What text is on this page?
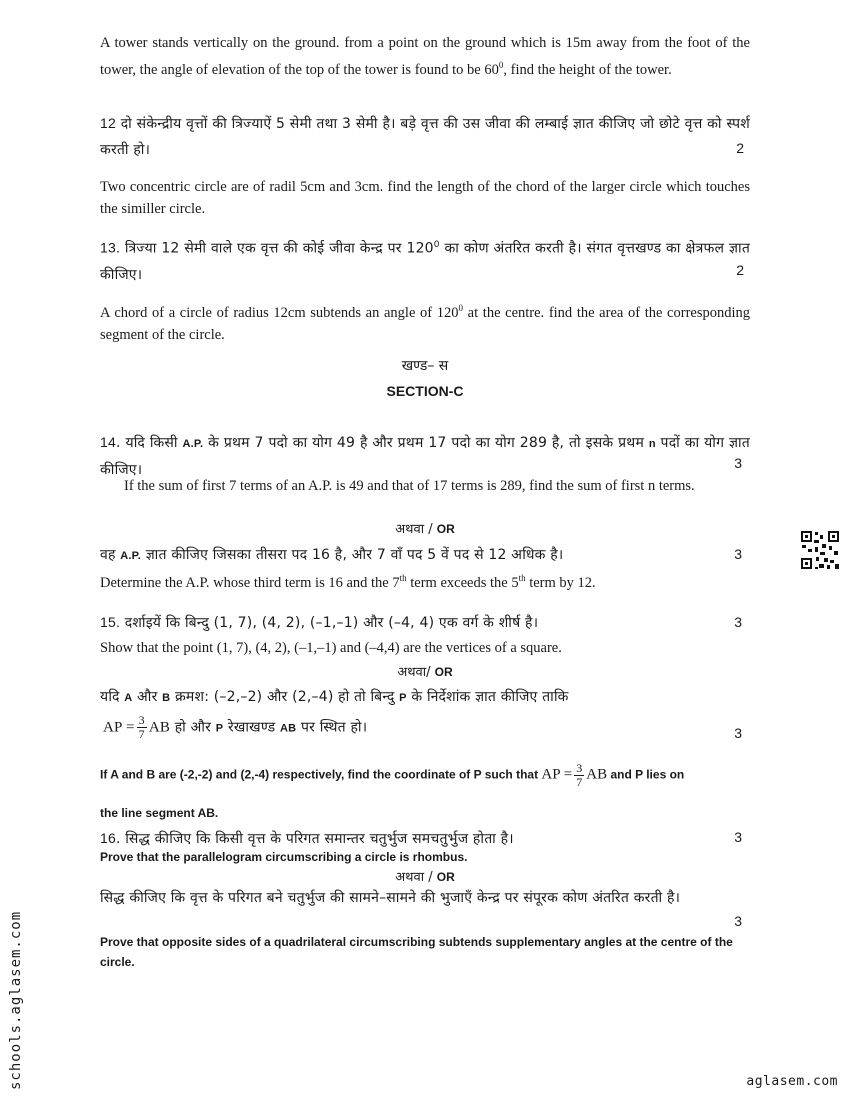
A tower stands vertically on the ground. from a point on the ground which is 15m away from the foot of the tower, the angle of elevation of the top of the tower is found to be $60^0$, find the height of the tower.
12 दो संकेन्द्रीय वृत्तों की त्रिज्याऐं 5 सेमी तथा 3 सेमी है। बड़े वृत्त की उस जीवा की लम्बाई ज्ञात कीजिए जो छोटे वृत्त को स्पर्श करती हो।	2
Two concentric circle are of radil 5cm and 3cm. find the length of the chord of the larger circle which touches the similler circle.
13. त्रिज्या 12 सेमी वाले एक वृत्त की कोई जीवा केन्द्र पर $120^0$ का कोण अंतरित करती है। संगत वृत्तखण्ड का क्षेत्रफल ज्ञात कीजिए।	2
A chord of a circle of radius 12cm subtends an angle of $120^0$ at the centre. find the area of the corresponding segment of the circle.
खण्ड– स
SECTION-C
14. यदि किसी A.P. के प्रथम 7 पदो का योग 49 है और प्रथम 17 पदो का योग 289 है, तो इसके प्रथम n पदों का योग ज्ञात कीजिए।	3
If the sum of first 7 terms of an A.P. is 49 and that of 17 terms is 289, find the sum of first n terms.
अथवा / OR
वह A.P. ज्ञात कीजिए जिसका तीसरा पद 16 है, और 7 वाँ पद 5 वें पद से 12 अधिक है।	3
Determine the A.P. whose third term is 16 and the 7th term exceeds the 5th term by 12.
15. दर्शाइयें कि बिन्दु (1, 7), (4, 2), (–1,–1) और (–4, 4) एक वर्ग के शीर्ष है।	3
Show that the point (1, 7), (4, 2), (–1,–1) and (–4,4) are the vertices of a square.
अथवा/ OR
यदि A और B क्रमश: (–2,–2) और (2,–4) हो तो बिन्दु P के निर्देशांक ज्ञात कीजिए ताकि
AP = $\frac{3}{7}$ AB हो और P रेखाखण्ड AB पर स्थित हो।	3
If A and B are (-2,-2) and (2,-4) respectively, find the coordinate of P such that AP = $\frac{3}{7}$ AB and P lies on
the line segment AB.
16. सिद्ध कीजिए कि किसी वृत्त के परिगत समान्तर चतुर्भुज समचतुर्भुज होता है।	3
Prove that the parallelogram circumscribing a circle is rhombus.
अथवा / OR
सिद्ध कीजिए कि वृत्त के परिगत बने चतुर्भुज की सामने–सामने की भुजाएँ केन्द्र पर संपूरक कोण अंतरित करती है।
3
Prove that opposite sides of a quadrilateral circumscribing subtends supplementary angles at the centre of the circle.
schools.aglasem.com	aglasem.com
